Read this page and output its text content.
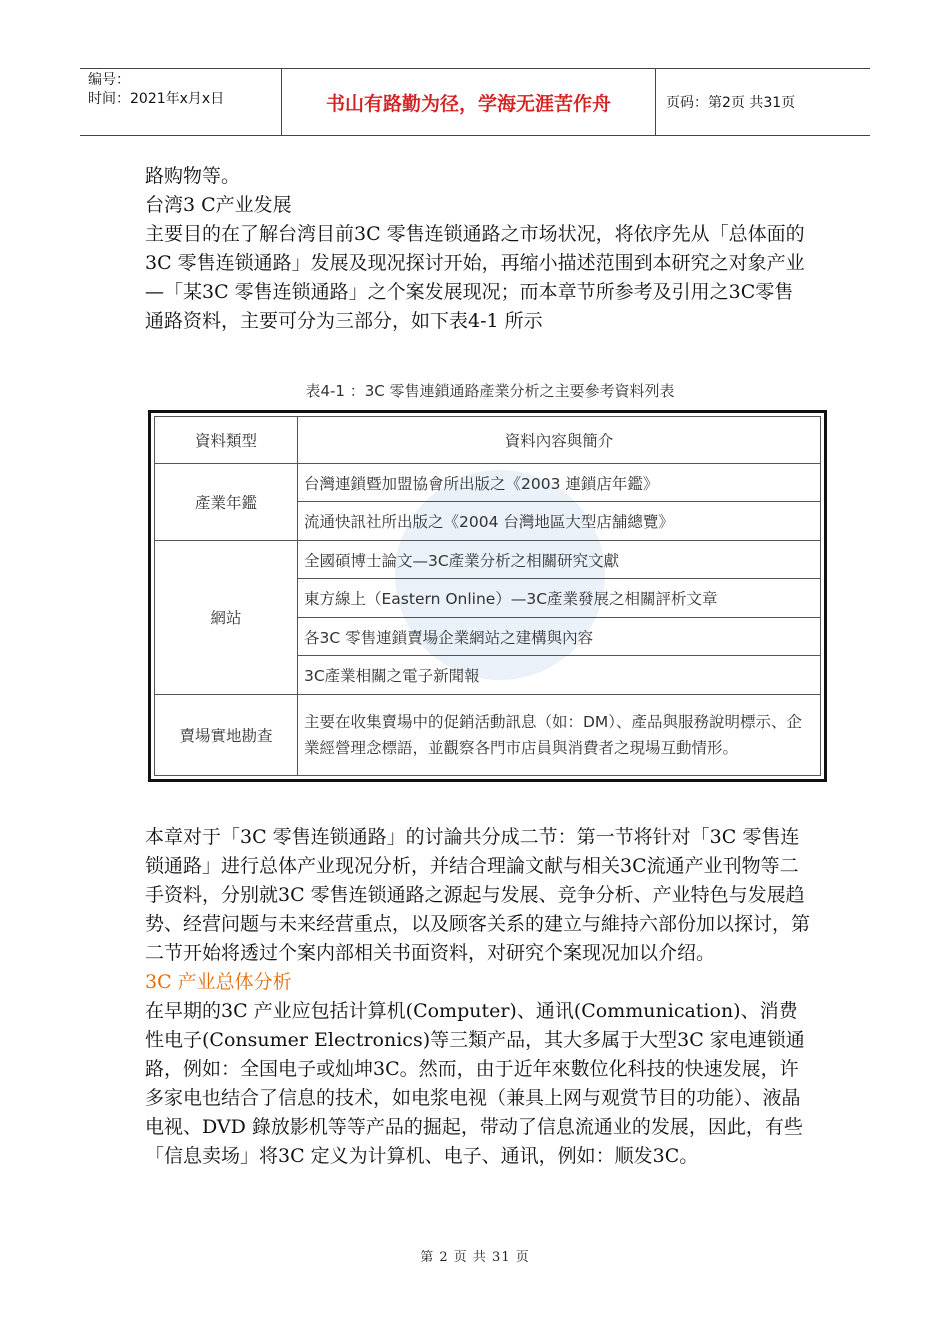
编号：
时间：2021年x月x日	书山有路勤为径，学海无涯苦作舟	页码：第2页 共31页

路购物等。

台湾3 C产业发展

主要目的在了解台湾目前3C 零售连锁通路之市场状况，将依序先从「总体面的3C 零售连锁通路」发展及现况探讨开始，再缩小描述范围到本研究之对象产业—「某3C 零售连锁通路」之个案发展现况；而本章节所参考及引用之3C零售通路资料，主要可分为三部分，如下表4-1 所示

表4-1 ：3C 零售連鎖通路產業分析之主要參考資料列表
資料類型	資料內容與簡介
產業年鑑	台灣連鎖暨加盟協會所出版之《2003 連鎖店年鑑》
	流通快訊社所出版之《2004 台灣地區大型店舗總覽》
網站	全國碩博士論文—3C產業分析之相關研究文獻
	東方線上（Eastern Online）—3C產業發展之相關評析文章
	各3C 零售連鎖賣場企業網站之建構與內容
	3C產業相關之電子新聞報
賣場實地勘查	主要在收集賣場中的促銷活動訊息（如：DM）、產品與服務說明標示、企業經營理念標語，並觀察各門市店員與消費者之現場互動情形。

本章对于「3C 零售连锁通路」的讨論共分成二节：第一节将针对「3C 零售连锁通路」进行总体产业现况分析，并结合理論文献与相关3C流通产业刊物等二手资料，分别就3C 零售连锁通路之源起与发展、竞争分析、产业特色与发展趋势、经营问题与未来经营重点，以及顾客关系的建立与維持六部份加以探讨，第二节开始将透过个案内部相关书面资料，对研究个案现况加以介绍。

3C 产业总体分析

在早期的3C 产业应包括计算机(Computer)、通讯(Communication)、消费性电子(Consumer Electronics)等三類产品，其大多属于大型3C 家电連锁通路，例如：全国电子或灿坤3C。然而，由于近年來數位化科技的快速发展，许多家电也结合了信息的技术，如电浆电视（兼具上网与观赏节目的功能）、液晶电视、DVD 錄放影机等等产品的掘起，带动了信息流通业的发展，因此，有些「信息卖场」将3C 定义为计算机、电子、通讯，例如：顺发3C。

第 2 页 共 31 页
